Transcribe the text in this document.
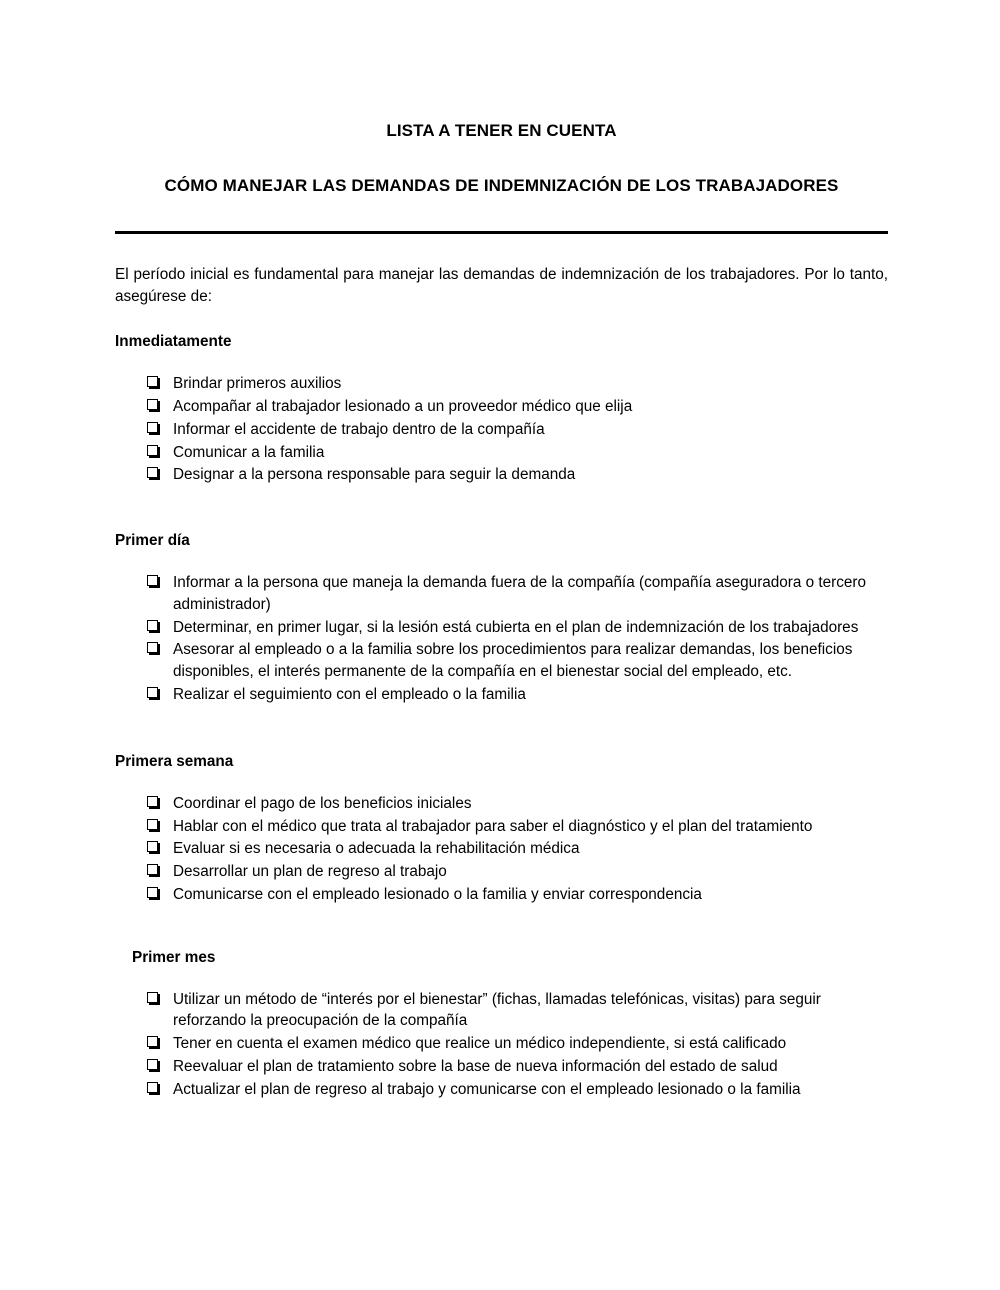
LISTA A TENER EN CUENTA
CÓMO MANEJAR LAS DEMANDAS DE INDEMNIZACIÓN DE LOS TRABAJADORES

El período inicial es fundamental para manejar las demandas de indemnización de los trabajadores. Por lo tanto, asegúrese de:

Inmediatamente
Brindar primeros auxilios
Acompañar al trabajador lesionado a un proveedor médico que elija
Informar el accidente de trabajo dentro de la compañía
Comunicar a la familia
Designar a la persona responsable para seguir la demanda
Primer día
Informar a la persona que maneja la demanda fuera de la compañía (compañía aseguradora o tercero administrador)
Determinar, en primer lugar, si la lesión está cubierta en el plan de indemnización de los trabajadores
Asesorar al empleado o a la familia sobre los procedimientos para realizar demandas, los beneficios disponibles, el interés permanente de la compañía en el bienestar social del empleado, etc.
Realizar el seguimiento con el empleado o la familia
Primera semana
Coordinar el pago de los beneficios iniciales
Hablar con el médico que trata al trabajador para saber el diagnóstico y el plan del tratamiento
Evaluar si es necesaria o adecuada la rehabilitación médica
Desarrollar un plan de regreso al trabajo
Comunicarse con el empleado lesionado o la familia y enviar correspondencia
Primer mes
Utilizar un método de “interés por el bienestar” (fichas, llamadas telefónicas, visitas) para seguir reforzando la preocupación de la compañía
Tener en cuenta el examen médico que realice un médico independiente, si está calificado
Reevaluar el plan de tratamiento sobre la base de nueva información del estado de salud
Actualizar el plan de regreso al trabajo y comunicarse con el empleado lesionado o la familia
